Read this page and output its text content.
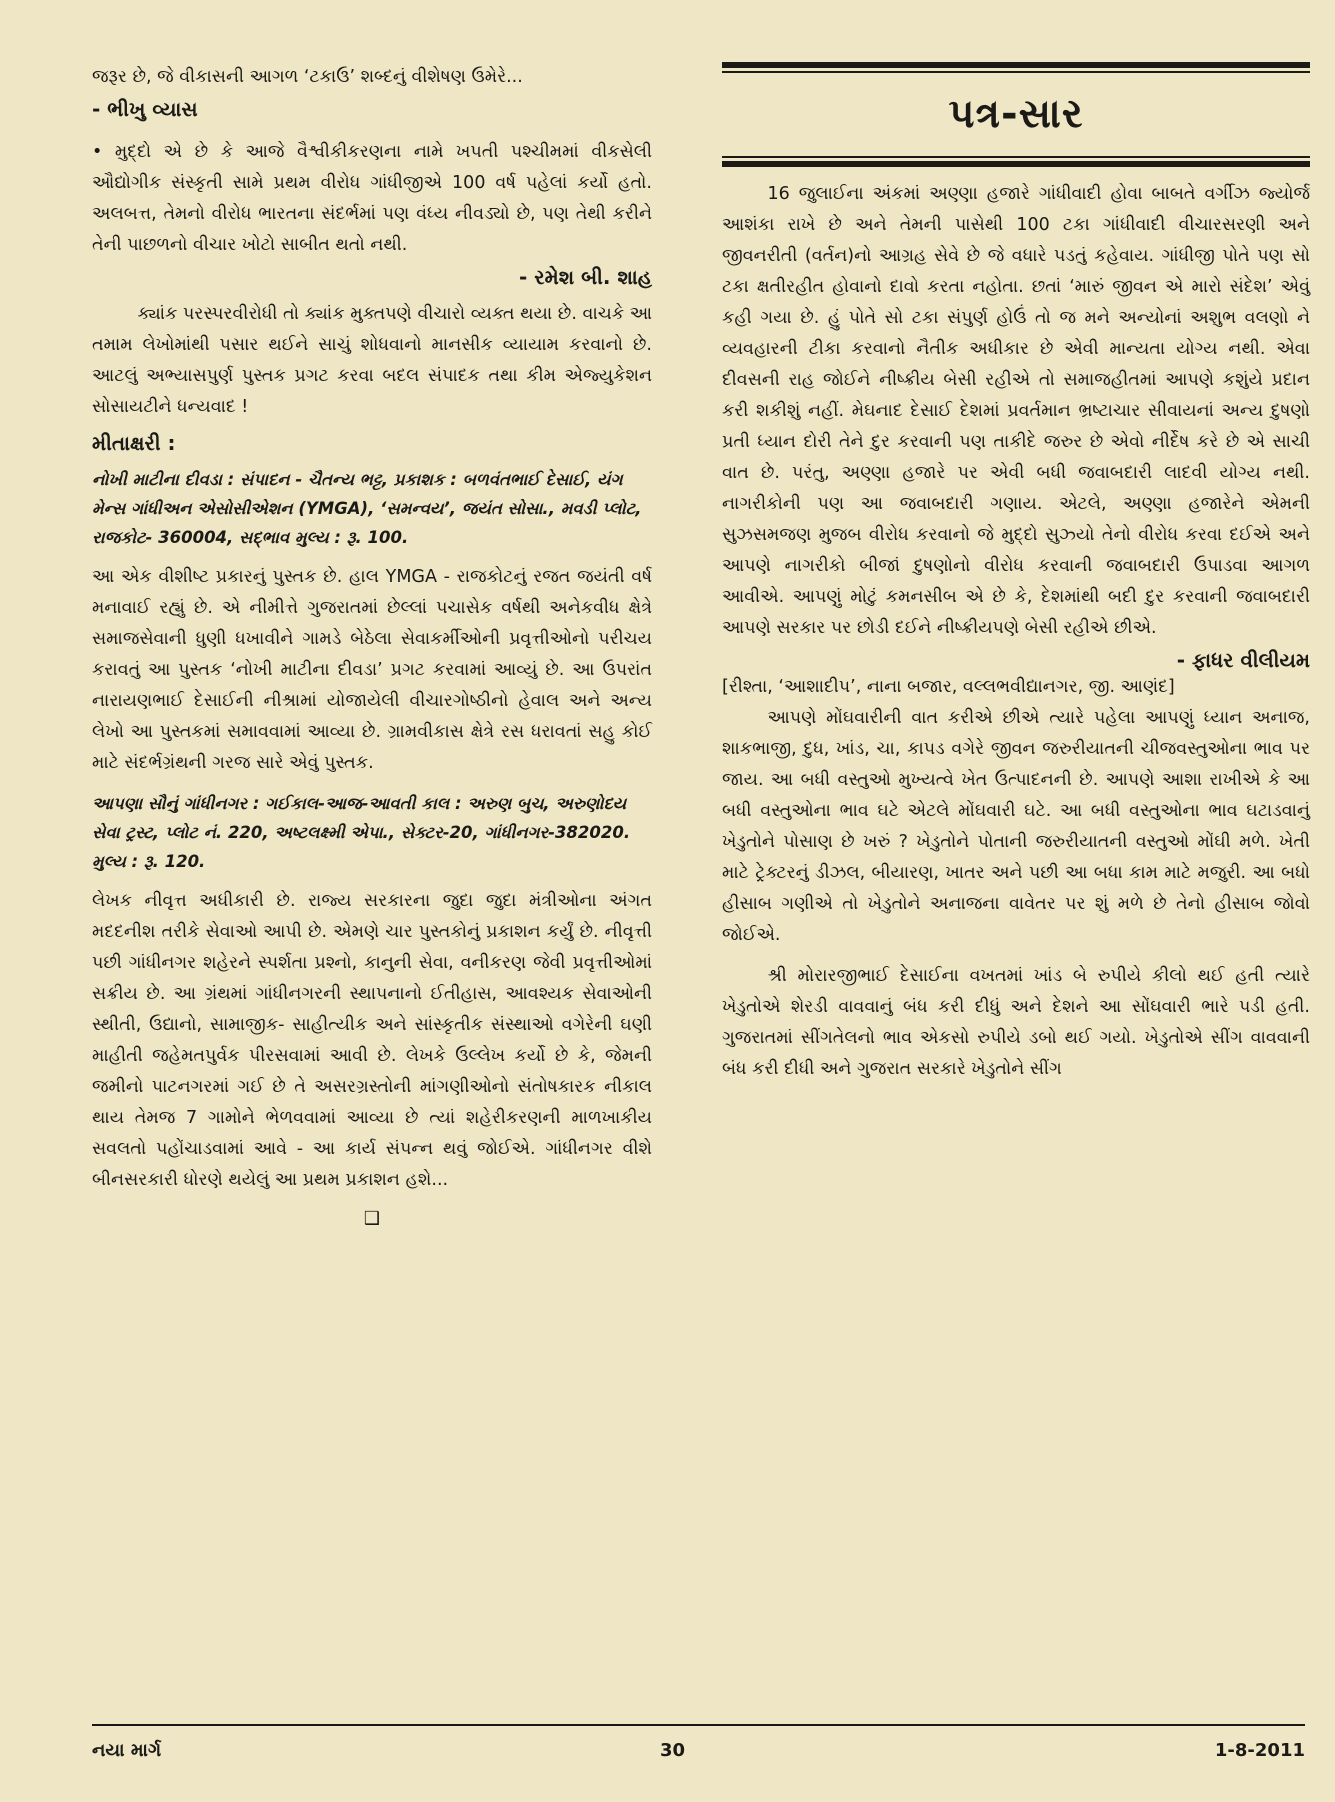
જરૂર છે, જે વીકાસની આગળ ‘ટકાઉ’ શબ્દનું વીશેષણ ઉમેરે...

- ભીખુ વ્યાસ

• મુદ્દો એ છે કે આજે વૈશ્વીકીકરણના નામે ખપતી પશ્ચીમમાં વીકસેલી ઔદ્યોગીક સંસ્કૃતી સામે પ્રથમ વીરોધ ગાંધીજીએ 100 વર્ષ પહેલાં કર્યો હતો. અલબત્ત, તેમનો વીરોધ ભારતના સંદર્ભમાં પણ વંધ્ય નીવડ્યો છે, પણ તેથી કરીને તેની પાછળનો વીચાર ખોટો સાબીત થતો નથી.

- રમેશ બી. શાહ

ક્યાંક પરસ્પરવીરોધી તો ક્યાંક મુક્તપણે વીચારો વ્યક્ત થયા છે. વાચકે આ તમામ લેખોમાંથી પસાર થઈને સાચું શોધવાનો માનસીક વ્યાયામ કરવાનો છે. આટલું અભ્યાસપુર્ણ પુસ્તક પ્રગટ કરવા બદલ સંપાદક તથા કીમ એજ્યુકેશન સોસાયટીને ધન્યવાદ !

મીતાક્ષરી :

નોખી માટીના દીવડા : સંપાદન - ચૈતન્ય ભટ્ટ, પ્રકાશક : બળવંતભાઈ દેસાઈ, યંગ મેન્સ ગાંધીઅન એસોસીએશન (YMGA), ‘સમન્વય’, જયંત સોસા., મવડી પ્લોટ, રાજકોટ- 360004, સદ્ભાવ મુલ્ય : રૂ. 100.

આ એક વીશીષ્ટ પ્રકારનું પુસ્તક છે. હાલ YMGA - રાજકોટનું રજત જયંતી વર્ષ મનાવાઈ રહ્યું છે. એ નીમીત્તે ગુજરાતમાં છેલ્લાં પચાસેક વર્ષથી અનેકવીધ ક્ષેત્રે સમાજસેવાની ધુણી ધખાવીને ગામડે બેઠેલા સેવાકર્મીઓની પ્રવૃત્તીઓનો પરીચય કરાવતું આ પુસ્તક ‘નોખી માટીના દીવડા’ પ્રગટ કરવામાં આવ્યું છે. આ ઉપરાંત નારાયણભાઈ દેસાઈની નીશ્રામાં યોજાયેલી વીચારગોષ્ઠીનો હેવાલ અને અન્ય લેખો આ પુસ્તકમાં સમાવવામાં આવ્યા છે. ગ્રામવીકાસ ક્ષેત્રે રસ ધરાવતાં સહુ કોઈ માટે સંદર્ભગ્રંથની ગરજ સારે એવું પુસ્તક.

આપણા સૌનું ગાંધીનગર : ગઈકાલ-આજ-આવતી કાલ : અરુણ બુચ, અરુણોદય સેવા ટ્રસ્ટ, પ્લોટ નં. 220, અષ્ટલક્ષ્મી એપા., સેક્ટર-20, ગાંધીનગર-382020. મુલ્ય : રૂ. 120.

લેખક નીવૃત્ત અધીકારી છે. રાજ્ય સરકારના જુદા જુદા મંત્રીઓના અંગત મદદનીશ તરીકે સેવાઓ આપી છે. એમણે ચાર પુસ્તકોનું પ્રકાશન કર્યું છે. નીવૃત્તી પછી ગાંધીનગર શહેરને સ્પર્શતા પ્રશ્નો, કાનુની સેવા, વનીકરણ જેવી પ્રવૃત્તીઓમાં સક્રીય છે. આ ગ્રંથમાં ગાંધીનગરની સ્થાપનાનો ઈતીહાસ, આવશ્યક સેવાઓની સ્થીતી, ઉદ્યાનો, સામાજીક- સાહીત્યીક અને સાંસ્કૃતીક સંસ્થાઓ વગેરેની ઘણી માહીતી જહેમતપુર્વક પીરસવામાં આવી છે. લેખકે ઉલ્લેખ કર્યો છે કે, જેમની જમીનો પાટનગરમાં ગઈ છે તે અસરગ્રસ્તોની માંગણીઓનો સંતોષકારક નીકાલ થાય તેમજ 7 ગામોને ભેળવવામાં આવ્યા છે ત્યાં શહેરીકરણની માળખાકીય સવલતો પહોંચાડવામાં આવે - આ કાર્ય સંપન્ન થવું જોઈએ. ગાંધીનગર વીશે બીનસરકારી ધોરણે થયેલું આ પ્રથમ પ્રકાશન હશે...

❑

પત્ર-સાર

16 જુલાઈના અંકમાં અણ્ણા હજારે ગાંધીવાદી હોવા બાબતે વર્ગીઝ જ્યોર્જ આશંકા રાખે છે અને તેમની પાસેથી 100 ટકા ગાંધીવાદી વીચારસરણી અને જીવનરીતી (વર્તન)નો આગ્રહ સેવે છે જે વધારે પડતું કહેવાય. ગાંધીજી પોતે પણ સો ટકા ક્ષતીરહીત હોવાનો દાવો કરતા નહોતા. છતાં ‘મારું જીવન એ મારો સંદેશ’ એવું કહી ગયા છે. હું પોતે સો ટકા સંપુર્ણ હોઉં તો જ મને અન્યોનાં અશુભ વલણો ને વ્યવહારની ટીકા કરવાનો નૈતીક અધીકાર છે એવી માન્યતા યોગ્ય નથી. એવા દીવસની રાહ જોઈને નીષ્ક્રીય બેસી રહીએ તો સમાજહીતમાં આપણે કશુંયે પ્રદાન કરી શકીશું નહીં. મેઘનાદ દેસાઈ દેશમાં પ્રવર્તમાન ભ્રષ્ટાચાર સીવાયનાં અન્ય દુષણો પ્રતી ધ્યાન દોરી તેને દુર કરવાની પણ તાકીદે જરુર છે એવો નીર્દેષ કરે છે એ સાચી વાત છે. પરંતુ, અણ્ણા હજારે પર એવી બધી જવાબદારી લાદવી યોગ્ય નથી. નાગરીકોની પણ આ જવાબદારી ગણાય. એટલે, અણ્ણા હજારેને એમની સુઝસમજણ મુજબ વીરોધ કરવાનો જે મુદ્દો સુઝ્યો તેનો વીરોધ કરવા દઈએ અને આપણે નાગરીકો બીજાં દુષણોનો વીરોધ કરવાની જવાબદારી ઉપાડવા આગળ આવીએ. આપણું મોટું કમનસીબ એ છે કે, દેશમાંથી બદી દુર કરવાની જવાબદારી આપણે સરકાર પર છોડી દઈને નીષ્ક્રીયપણે બેસી રહીએ છીએ.

- ફાધર વીલીયમ

[રીશ્તા, ‘આશાદીપ’, નાના બજાર, વલ્લભવીદ્યાનગર, જી. આણંદ]

આપણે મોંઘવારીની વાત કરીએ છીએ ત્યારે પહેલા આપણું ધ્યાન અનાજ, શાકભાજી, દુધ, ખાંડ, ચા, કાપડ વગેરે જીવન જરુરીયાતની ચીજવસ્તુઓના ભાવ પર જાય. આ બધી વસ્તુઓ મુખ્યત્વે ખેત ઉત્પાદનની છે. આપણે આશા રાખીએ કે આ બધી વસ્તુઓના ભાવ ઘટે એટલે મોંઘવારી ઘટે. આ બધી વસ્તુઓના ભાવ ઘટાડવાનું ખેડુતોને પોસાણ છે ખરું ? ખેડુતોને પોતાની જરુરીયાતની વસ્તુઓ મોંઘી મળે. ખેતી માટે ટ્રેક્ટરનું ડીઝલ, બીયારણ, ખાતર અને પછી આ બધા કામ માટે મજુરી. આ બધો હીસાબ ગણીએ તો ખેડુતોને અનાજના વાવેતર પર શું મળે છે તેનો હીસાબ જોવો જોઈએ.

શ્રી મોરારજીભાઈ દેસાઈના વખતમાં ખાંડ બે રુપીયે કીલો થઈ હતી ત્યારે ખેડુતોએ શેરડી વાવવાનું બંધ કરી દીધું અને દેશને આ સોંઘવારી ભારે પડી હતી. ગુજરાતમાં સીંગતેલનો ભાવ એકસો રુપીયે ડબો થઈ ગયો. ખેડુતોએ સીંગ વાવવાની બંધ કરી દીધી અને ગુજરાત સરકારે ખેડુતોને સીંગ

નયા માર્ગ	30	1-8-2011
